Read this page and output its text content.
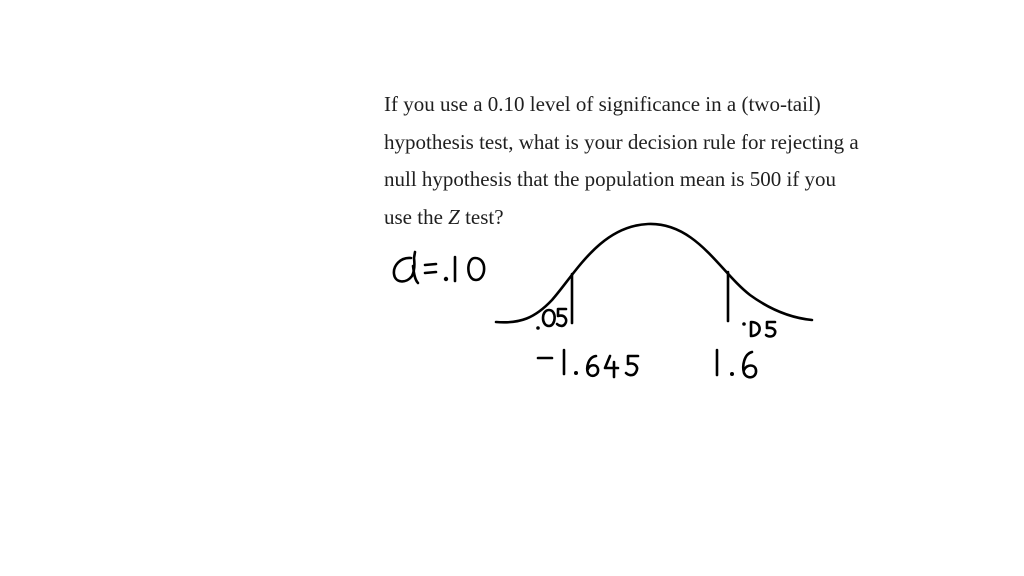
If you use a 0.10 level of significance in a (two-tail)
hypothesis test, what is your decision rule for rejecting a
null hypothesis that the population mean is 500 if you
use the Z test?
